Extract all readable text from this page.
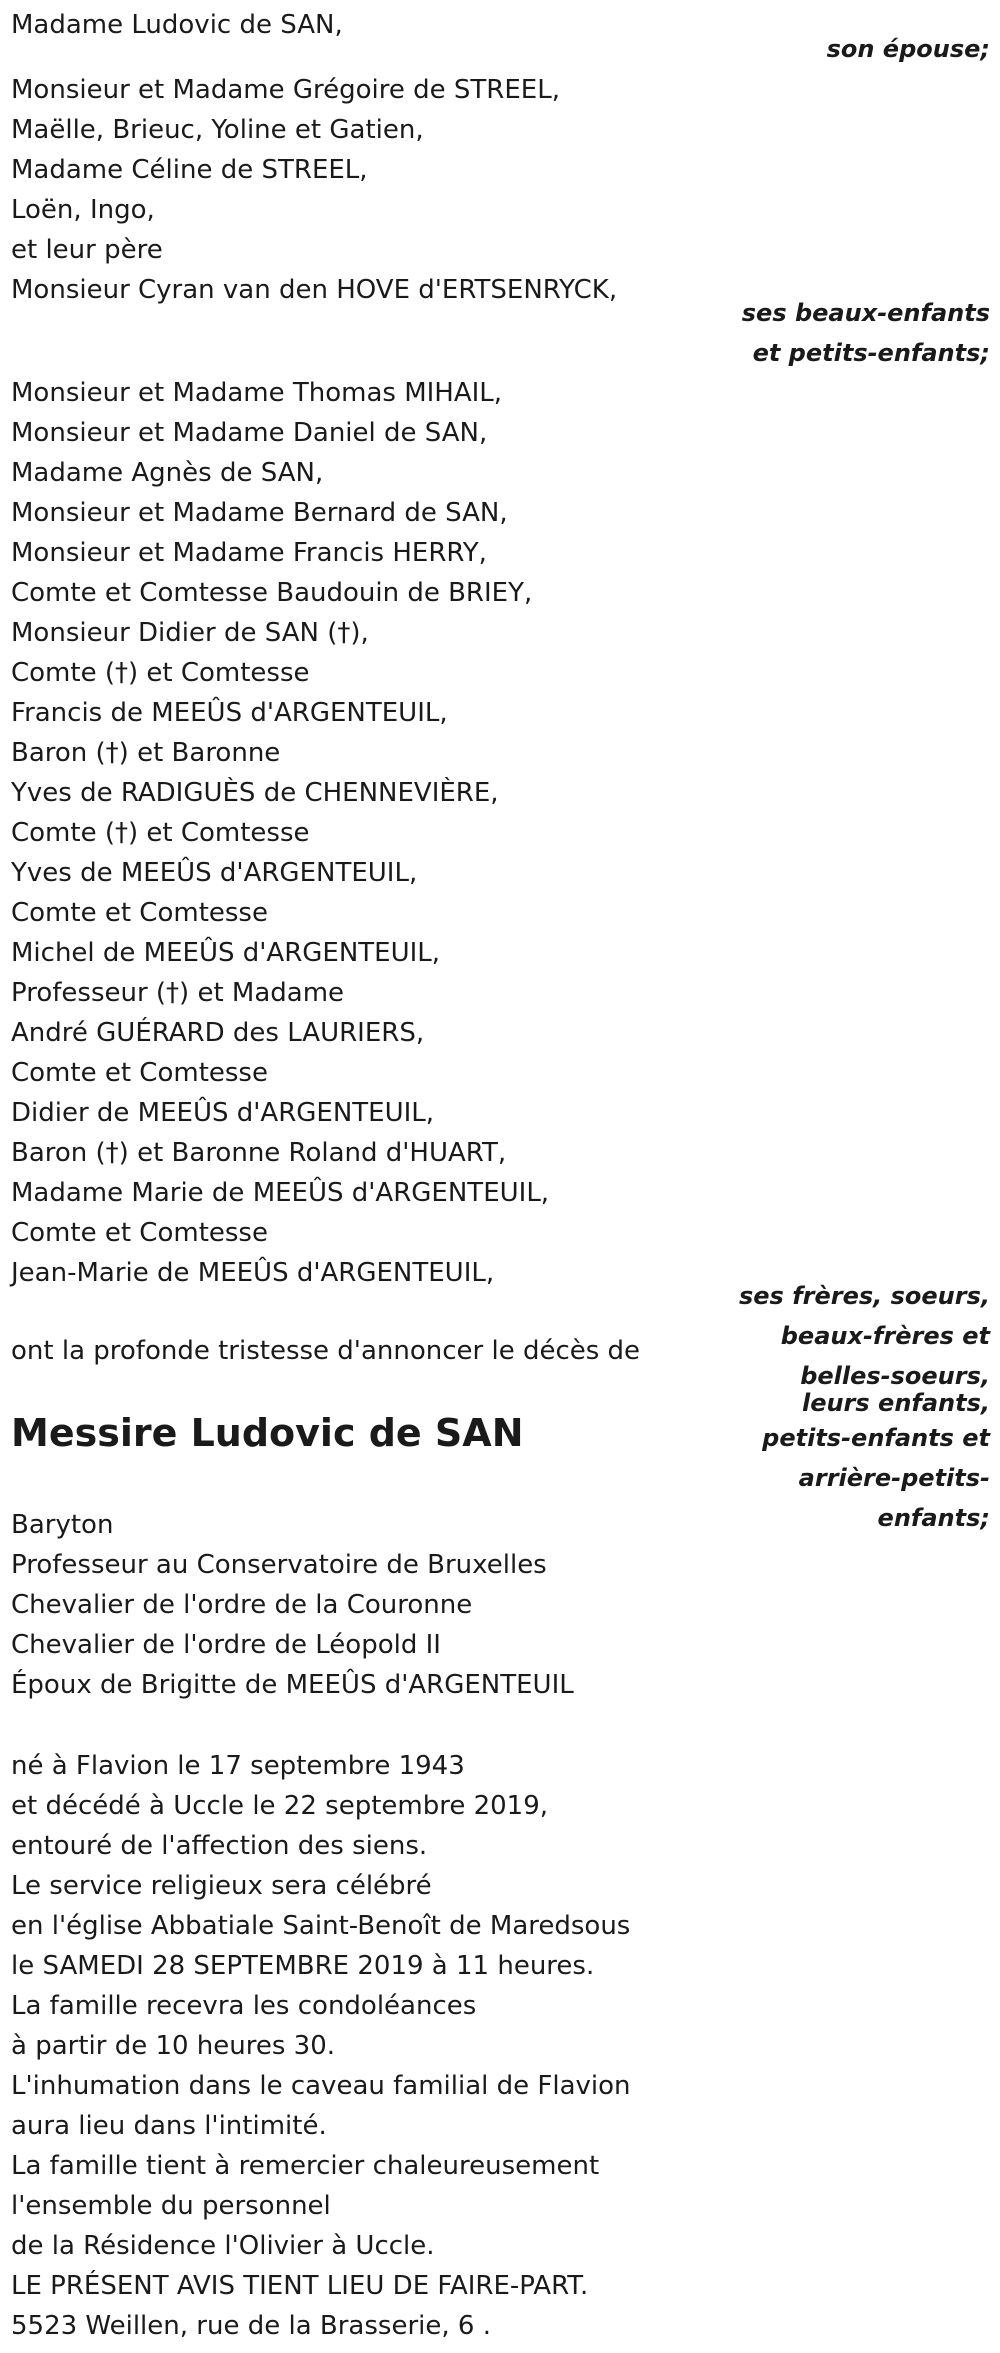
Madame Ludovic de SAN,
son épouse;
Monsieur et Madame Grégoire de STREEL,
Maëlle, Brieuc, Yoline et Gatien,
Madame Céline de STREEL,
Loën, Ingo,
et leur père
Monsieur Cyran van den HOVE d'ERTSENRYCK,
ses beaux-enfants
et petits-enfants;
Monsieur et Madame Thomas MIHAIL,
Monsieur et Madame Daniel de SAN,
Madame Agnès de SAN,
Monsieur et Madame Bernard de SAN,
Monsieur et Madame Francis HERRY,
Comte et Comtesse Baudouin de BRIEY,
Monsieur Didier de SAN (†),
Comte (†) et Comtesse
Francis de MEEÛS d'ARGENTEUIL,
Baron (†) et Baronne
Yves de RADIGUÈS de CHENNEVIÈRE,
Comte (†) et Comtesse
Yves de MEEÛS d'ARGENTEUIL,
Comte et Comtesse
Michel de MEEÛS d'ARGENTEUIL,
Professeur (†) et Madame
André GUÉRARD des LAURIERS,
Comte et Comtesse
Didier de MEEÛS d'ARGENTEUIL,
Baron (†) et Baronne Roland d'HUART,
Madame Marie de MEEÛS d'ARGENTEUIL,
Comte et Comtesse
Jean-Marie de MEEÛS d'ARGENTEUIL,
ses frères, soeurs,
beaux-frères et
belles-soeurs,
leurs enfants,
petits-enfants et
arrière-petits-
enfants;
ont la profonde tristesse d'annoncer le décès de
Messire Ludovic de SAN
Baryton
Professeur au Conservatoire de Bruxelles
Chevalier de l'ordre de la Couronne
Chevalier de l'ordre de Léopold II
Époux de Brigitte de MEEÛS d'ARGENTEUIL
né à Flavion le 17 septembre 1943
et décédé à Uccle le 22 septembre 2019,
entouré de l'affection des siens.
Le service religieux sera célébré
en l'église Abbatiale Saint-Benoît de Maredsous
le SAMEDI 28 SEPTEMBRE 2019 à 11 heures.
La famille recevra les condoléances
à partir de 10 heures 30.
L'inhumation dans le caveau familial de Flavion
aura lieu dans l'intimité.
La famille tient à remercier chaleureusement
l'ensemble du personnel
de la Résidence l'Olivier à Uccle.
LE PRÉSENT AVIS TIENT LIEU DE FAIRE-PART.
5523 Weillen, rue de la Brasserie, 6 .
